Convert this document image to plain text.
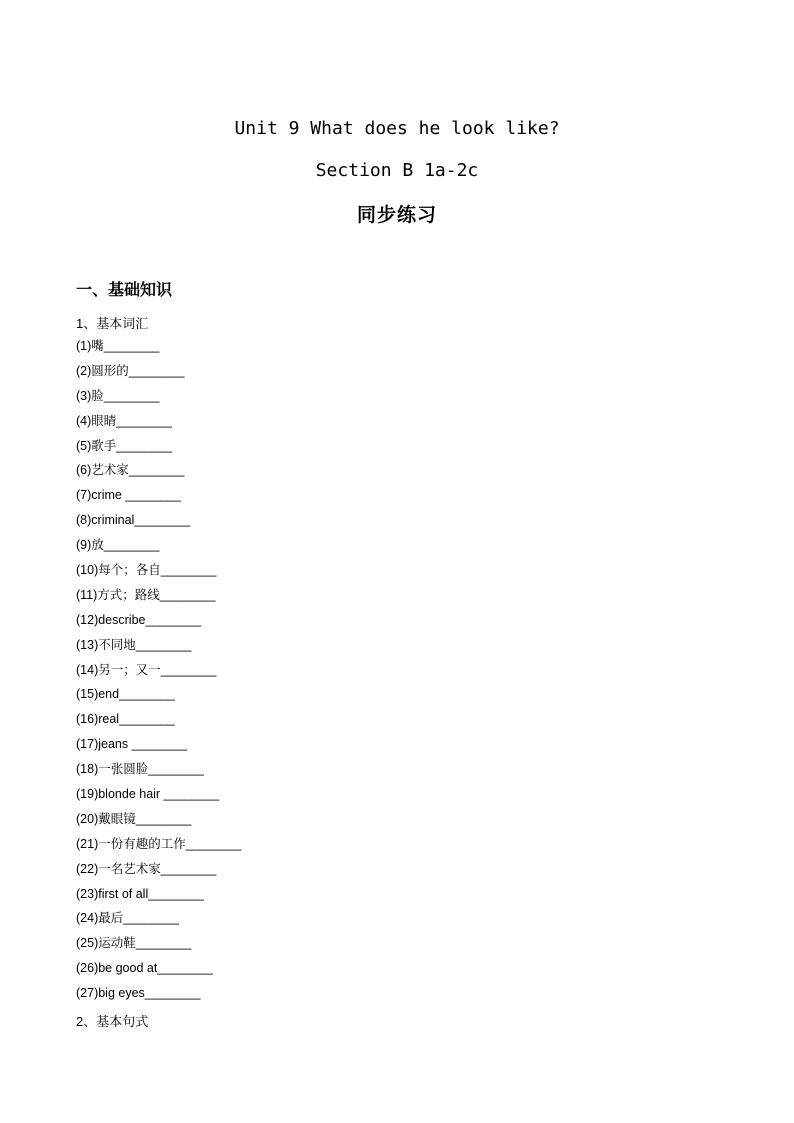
Unit 9 What does he look like?
Section B 1a-2c
同步练习
一、基础知识
1、基本词汇
(1)嘴________
(2)圆形的________
(3)脸________
(4)眼睛________
(5)歌手________
(6)艺术家________
(7)crime ________
(8)criminal________
(9)放________
(10)每个；各自________
(11)方式；路线________
(12)describe________
(13)不同地________
(14)另一；又一________
(15)end________
(16)real________
(17)jeans ________
(18)一张圆脸________
(19)blonde hair ________
(20)戴眼镜________
(21)一份有趣的工作________
(22)一名艺术家________
(23)first of all________
(24)最后________
(25)运动鞋________
(26)be good at________
(27)big eyes________
2、基本句式
